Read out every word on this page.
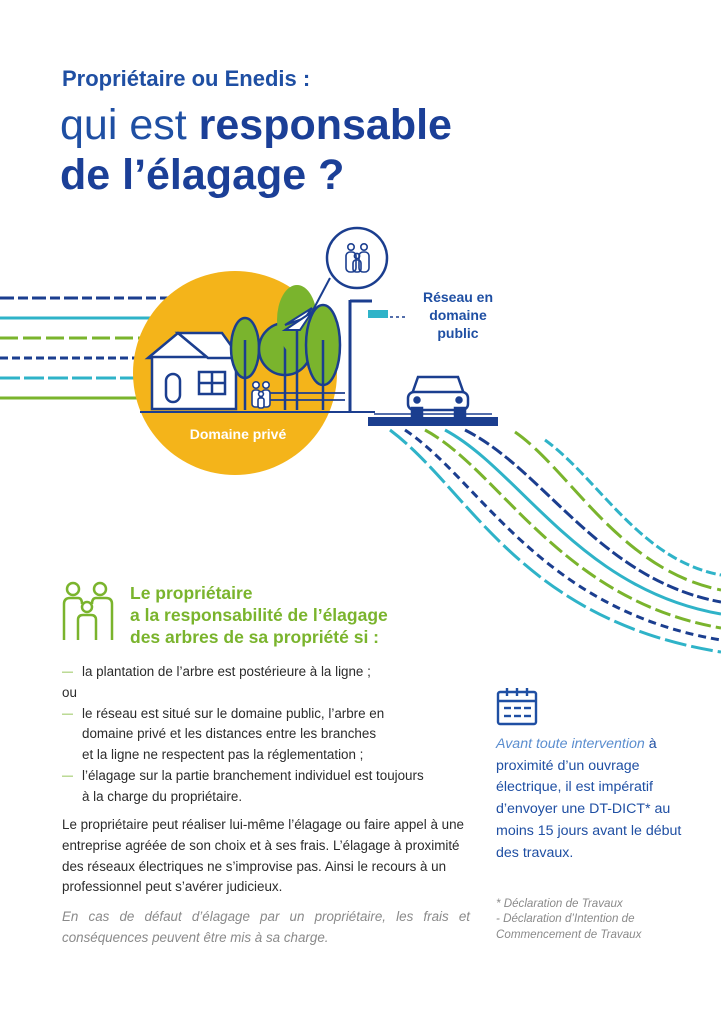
Propriétaire ou Enedis :
qui est responsable
de l’élagage ?
Réseau en domaine public
Domaine privé
Le propriétaire
a la responsabilité de l’élagage
des arbres de sa propriété si :
— la plantation de l’arbre est postérieure à la ligne ;
ou
— le réseau est situé sur le domaine public, l’arbre en
domaine privé et les distances entre les branches
et la ligne ne respectent pas la réglementation ;
— l’élagage sur la partie branchement individuel est toujours
à la charge du propriétaire.

Le propriétaire peut réaliser lui-même l’élagage ou faire appel à une entreprise agréée de son choix et à ses frais. L’élagage à proximité des réseaux électriques ne s’improvise pas. Ainsi le recours à un professionnel peut s’avérer judicieux.

En cas de défaut d’élagage par un propriétaire, les frais et conséquences peuvent être mis à sa charge.

Avant toute intervention à proximité d’un ouvrage électrique, il est impératif d’envoyer une DT-DICT* au moins 15 jours avant le début des travaux.

* Déclaration de Travaux
- Déclaration d’Intention de Commencement de Travaux
